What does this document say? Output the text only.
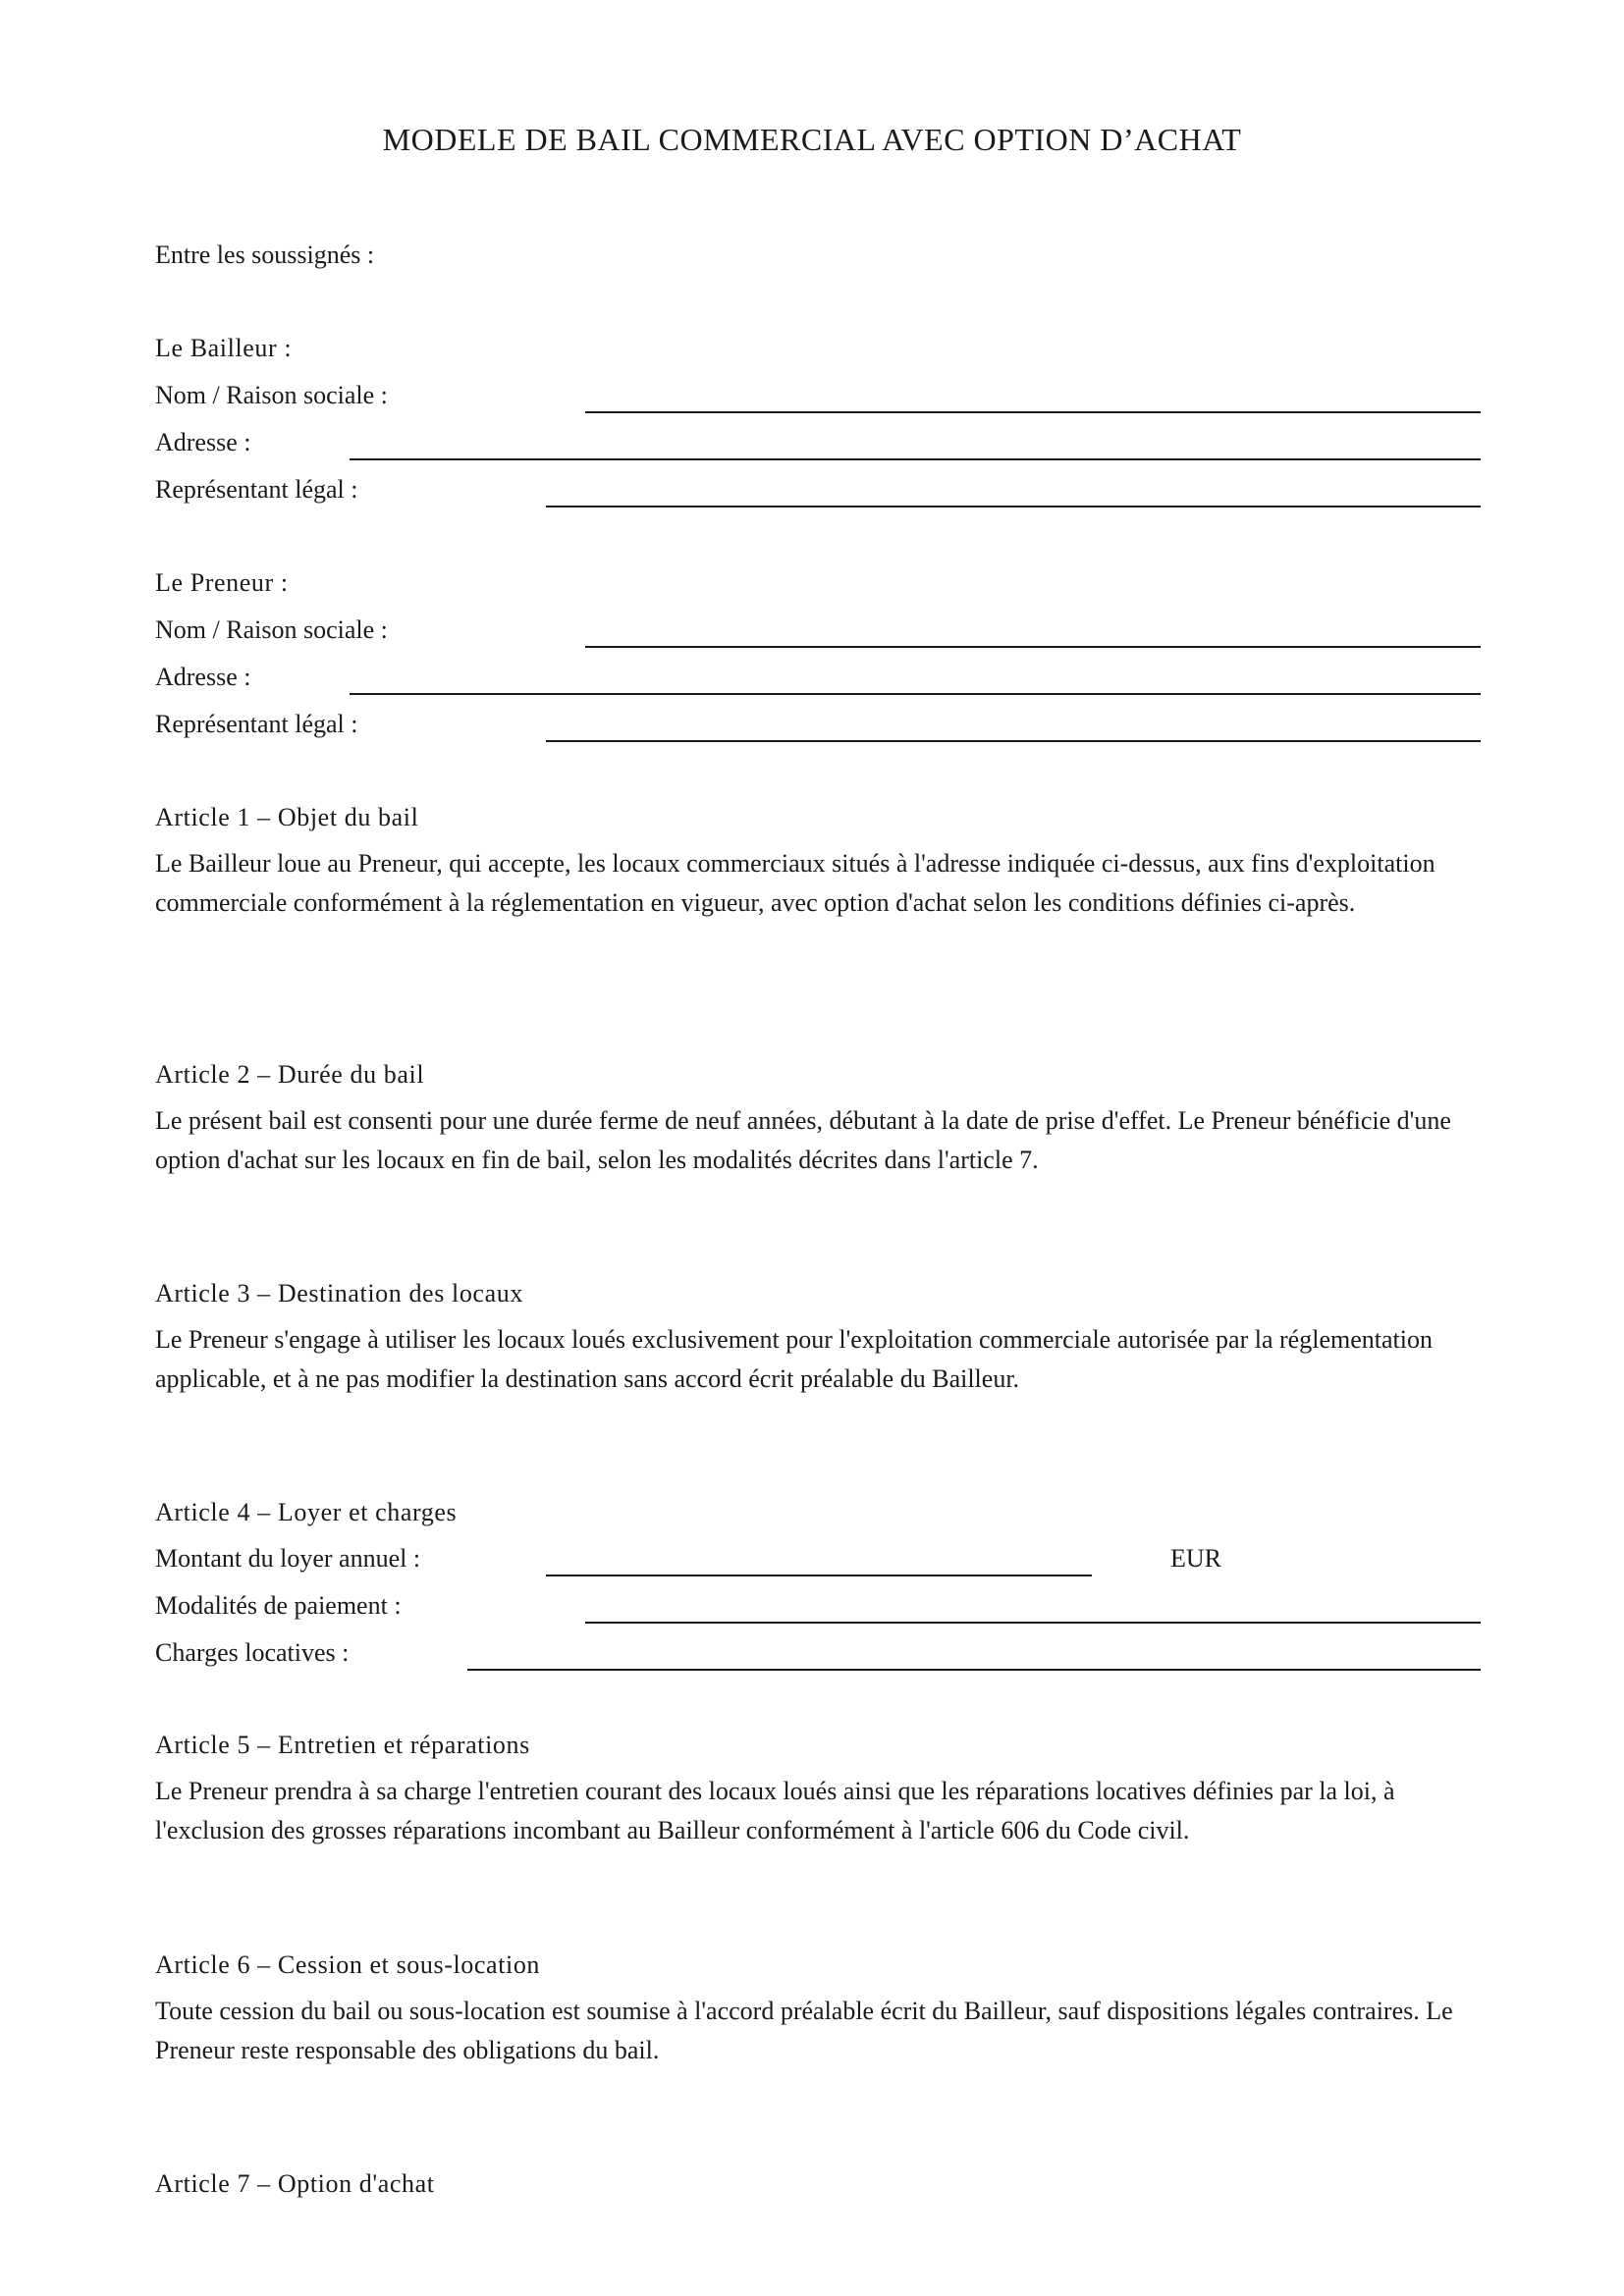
MODELE DE BAIL COMMERCIAL AVEC OPTION D’ACHAT
Entre les soussignés :
Le Bailleur :
Nom / Raison sociale :
Adresse :
Représentant légal :
Le Preneur :
Nom / Raison sociale :
Adresse :
Représentant légal :
Article 1 – Objet du bail
Le Bailleur loue au Preneur, qui accepte, les locaux commerciaux situés à l'adresse indiquée ci-dessus, aux fins d'exploitation commerciale conformément à la réglementation en vigueur, avec option d'achat selon les conditions définies ci-après.
Article 2 – Durée du bail
Le présent bail est consenti pour une durée ferme de neuf années, débutant à la date de prise d'effet. Le Preneur bénéficie d'une option d'achat sur les locaux en fin de bail, selon les modalités décrites dans l'article 7.
Article 3 – Destination des locaux
Le Preneur s'engage à utiliser les locaux loués exclusivement pour l'exploitation commerciale autorisée par la réglementation applicable, et à ne pas modifier la destination sans accord écrit préalable du Bailleur.
Article 4 – Loyer et charges
Montant du loyer annuel :	EUR
Modalités de paiement :
Charges locatives :
Article 5 – Entretien et réparations
Le Preneur prendra à sa charge l'entretien courant des locaux loués ainsi que les réparations locatives définies par la loi, à l'exclusion des grosses réparations incombant au Bailleur conformément à l'article 606 du Code civil.
Article 6 – Cession et sous-location
Toute cession du bail ou sous-location est soumise à l'accord préalable écrit du Bailleur, sauf dispositions légales contraires. Le Preneur reste responsable des obligations du bail.
Article 7 – Option d'achat
